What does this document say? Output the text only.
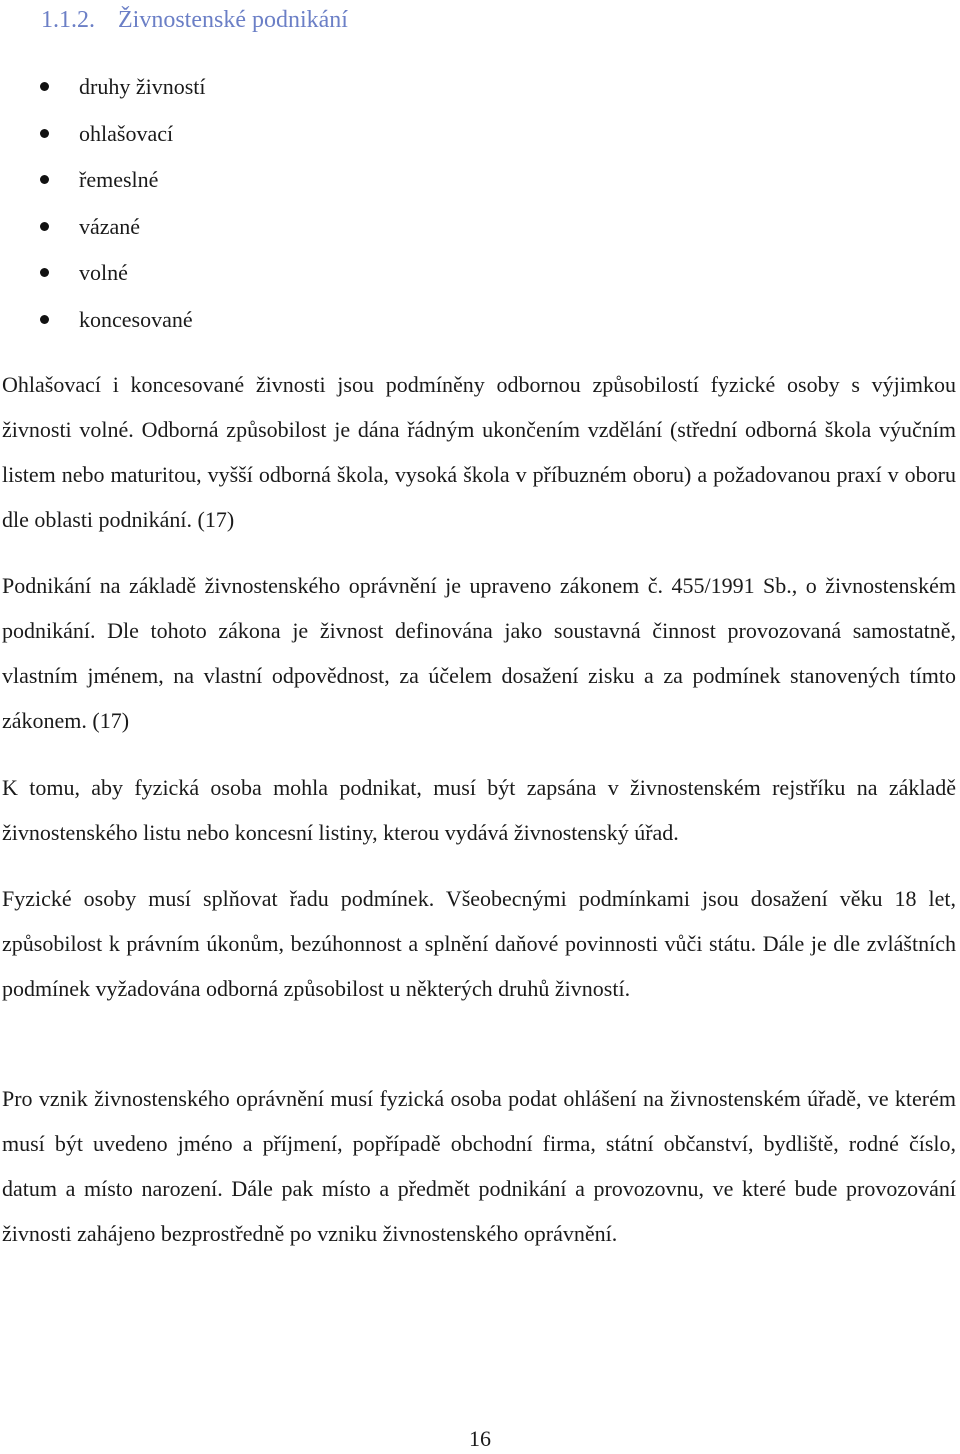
1.1.2. Živnostenské podnikání
druhy živností
ohlašovací
řemeslné
vázané
volné
koncesované

Ohlašovací i koncesované živnosti jsou podmíněny odbornou způsobilostí fyzické osoby s výjimkou živnosti volné. Odborná způsobilost je dána řádným ukončením vzdělání (střední odborná škola výučním listem nebo maturitou, vyšší odborná škola, vysoká škola v příbuzném oboru) a požadovanou praxí v oboru dle oblasti podnikání. (17)

Podnikání na základě živnostenského oprávnění je upraveno zákonem č. 455/1991 Sb., o živnostenském podnikání. Dle tohoto zákona je živnost definována jako soustavná činnost provozovaná samostatně, vlastním jménem, na vlastní odpovědnost, za účelem dosažení zisku a za podmínek stanovených tímto zákonem. (17)

K tomu, aby fyzická osoba mohla podnikat, musí být zapsána v živnostenském rejstříku na základě živnostenského listu nebo koncesní listiny, kterou vydává živnostenský úřad.

Fyzické osoby musí splňovat řadu podmínek. Všeobecnými podmínkami jsou dosažení věku 18 let, způsobilost k právním úkonům, bezúhonnost a splnění daňové povinnosti vůči státu. Dále je dle zvláštních podmínek vyžadována odborná způsobilost u některých druhů živností.

Pro vznik živnostenského oprávnění musí fyzická osoba podat ohlášení na živnostenském úřadě, ve kterém musí být uvedeno jméno a příjmení, popřípadě obchodní firma, státní občanství, bydliště, rodné číslo, datum a místo narození. Dále pak místo a předmět podnikání a provozovnu, ve které bude provozování živnosti zahájeno bezprostředně po vzniku živnostenského oprávnění.

16
